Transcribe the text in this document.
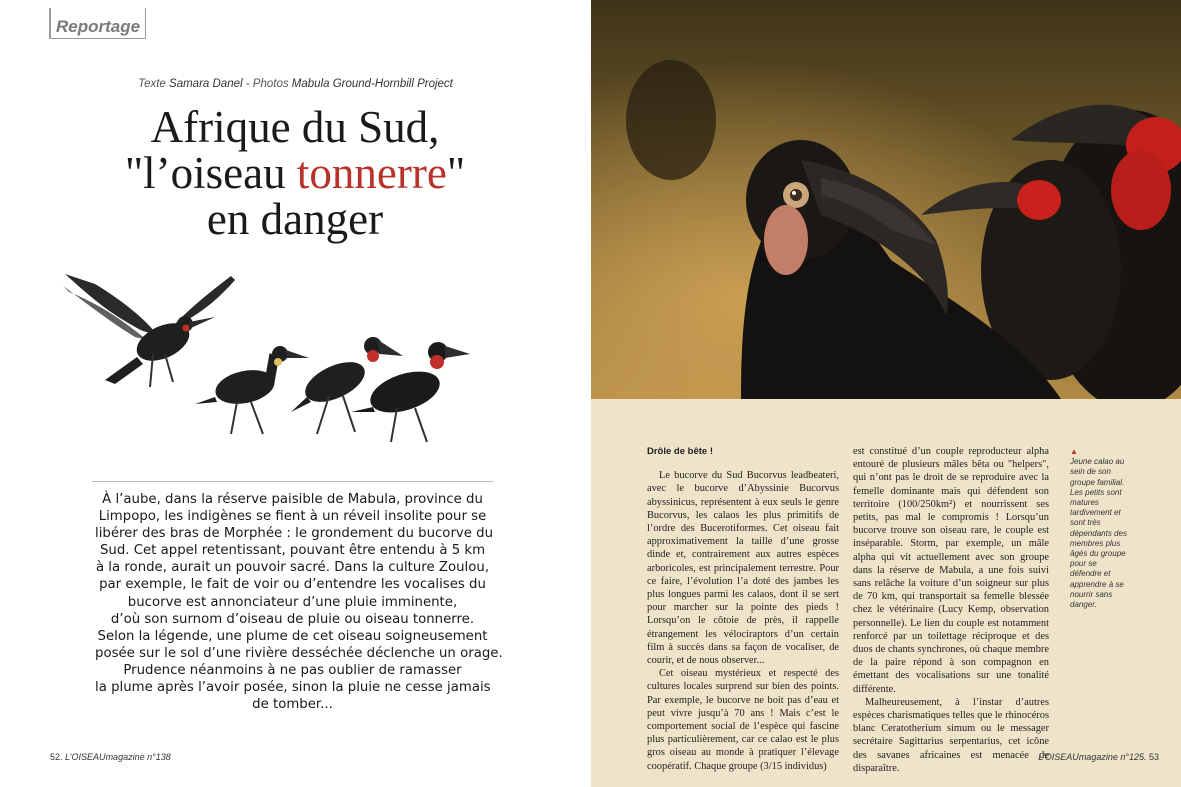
Reportage
Texte Samara Danel - Photos Mabula Ground-Hornbill Project
Afrique du Sud,
"l’oiseau tonnerre"
en danger
À l’aube, dans la réserve paisible de Mabula, province du
Limpopo, les indigènes se fient à un réveil insolite pour se
libérer des bras de Morphée : le grondement du bucorve du
Sud. Cet appel retentissant, pouvant être entendu à 5 km
à la ronde, aurait un pouvoir sacré. Dans la culture Zoulou,
par exemple, le fait de voir ou d’entendre les vocalises du
bucorve est annonciateur d’une pluie imminente,
d’où son surnom d’oiseau de pluie ou oiseau tonnerre.
Selon la légende, une plume de cet oiseau soigneusement
posée sur le sol d’une rivière desséchée déclenche un orage.
Prudence néanmoins à ne pas oublier de ramasser
la plume après l’avoir posée, sinon la pluie ne cesse jamais
de tomber...
52. L’OISEAUmagazine n°138

Drôle de bête !

Le bucorve du Sud Bucorvus leadbeateri, avec le bucorve d’Abyssinie Bucorvus abyssinicus, représentent à eux seuls le genre Bucorvus, les calaos les plus primitifs de l’ordre des Bucerotiformes. Cet oiseau fait approximativement la taille d’une grosse dinde et, contrairement aux autres espèces arboricoles, est principalement terrestre. Pour ce faire, l’évolution l’a doté des jambes les plus longues parmi les calaos, dont il se sert pour marcher sur la pointe des pieds ! Lorsqu’on le côtoie de près, il rappelle étrangement les vélociraptors d’un certain film à succès dans sa façon de vocaliser, de courir, et de nous observer...

Cet oiseau mystérieux et respecté des cultures locales surprend sur bien des points. Par exemple, le bucorve ne boit pas d’eau et peut vivre jusqu’à 70 ans ! Mais c’est le comportement social de l’espèce qui fascine plus particulièrement, car ce calao est le plus gros oiseau au monde à pratiquer l’élevage coopératif. Chaque groupe (3/15 individus)

est constitué d’un couple reproducteur alpha entouré de plusieurs mâles bêta ou "helpers", qui n’ont pas le droit de se reproduire avec la femelle dominante mais qui défendent son territoire (100/250km²) et nourrissent ses petits, pas mal le compromis ! Lorsqu’un bucorve trouve son oiseau rare, le couple est inséparable. Storm, par exemple, un mâle alpha qui vit actuellement avec son groupe dans la réserve de Mabula, a une fois suivi sans relâche la voiture d’un soigneur sur plus de 70 km, qui transportait sa femelle blessée chez le vétérinaire (Lucy Kemp, observation personnelle). Le lien du couple est notamment renforcé par un toilettage réciproque et des duos de chants synchrones, où chaque membre de la paire répond à son compagnon en émettant des vocalisations sur une tonalité différente.

Malheureusement, à l’instar d’autres espèces charismatiques telles que le rhinocéros blanc Ceratotherium simum ou le messager secrétaire Sagittarius serpentarius, cet icône des savanes africaines est menacée de disparaître.

▲
Jeune calao au sein de son groupe familial. Les petits sont matures tardivement et sont très dépendants des membres plus âgés du groupe pour se défendre et apprendre à se nourrir sans danger.
L’OISEAUmagazine n°125. 53
